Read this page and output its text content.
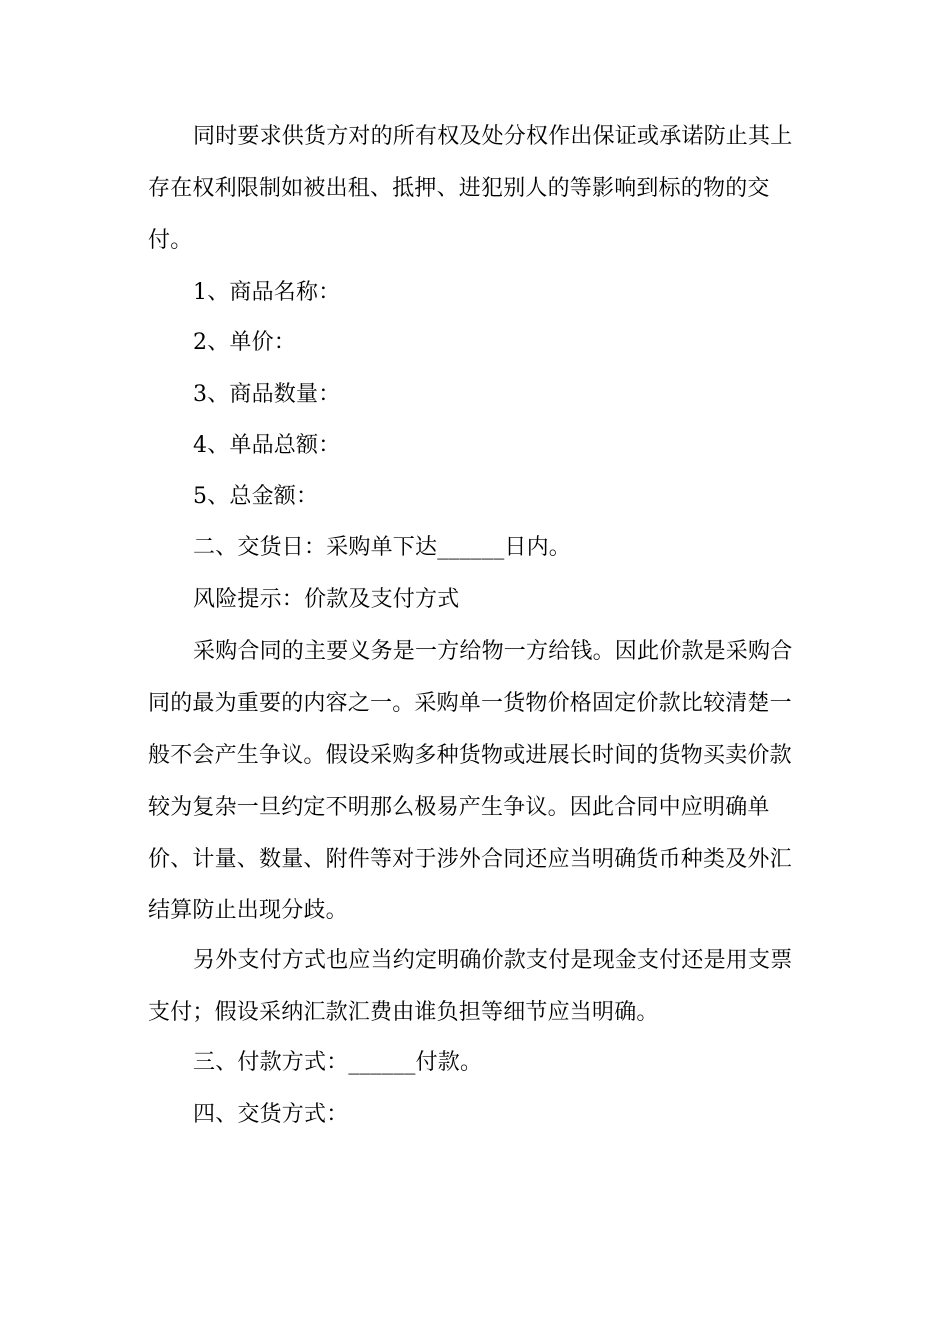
同时要求供货方对的所有权及处分权作出保证或承诺防止其上
存在权利限制如被出租、抵押、进犯别人的等影响到标的物的交
付。
1、商品名称：
2、单价：
3、商品数量：
4、单品总额：
5、总金额：
二、交货日：采购单下达______日内。
风险提示：价款及支付方式
采购合同的主要义务是一方给物一方给钱。因此价款是采购合
同的最为重要的内容之一。采购单一货物价格固定价款比较清楚一
般不会产生争议。假设采购多种货物或进展长时间的货物买卖价款
较为复杂一旦约定不明那么极易产生争议。因此合同中应明确单
价、计量、数量、附件等对于涉外合同还应当明确货币种类及外汇
结算防止出现分歧。
另外支付方式也应当约定明确价款支付是现金支付还是用支票
支付；假设采纳汇款汇费由谁负担等细节应当明确。
三、付款方式：______付款。
四、交货方式：
